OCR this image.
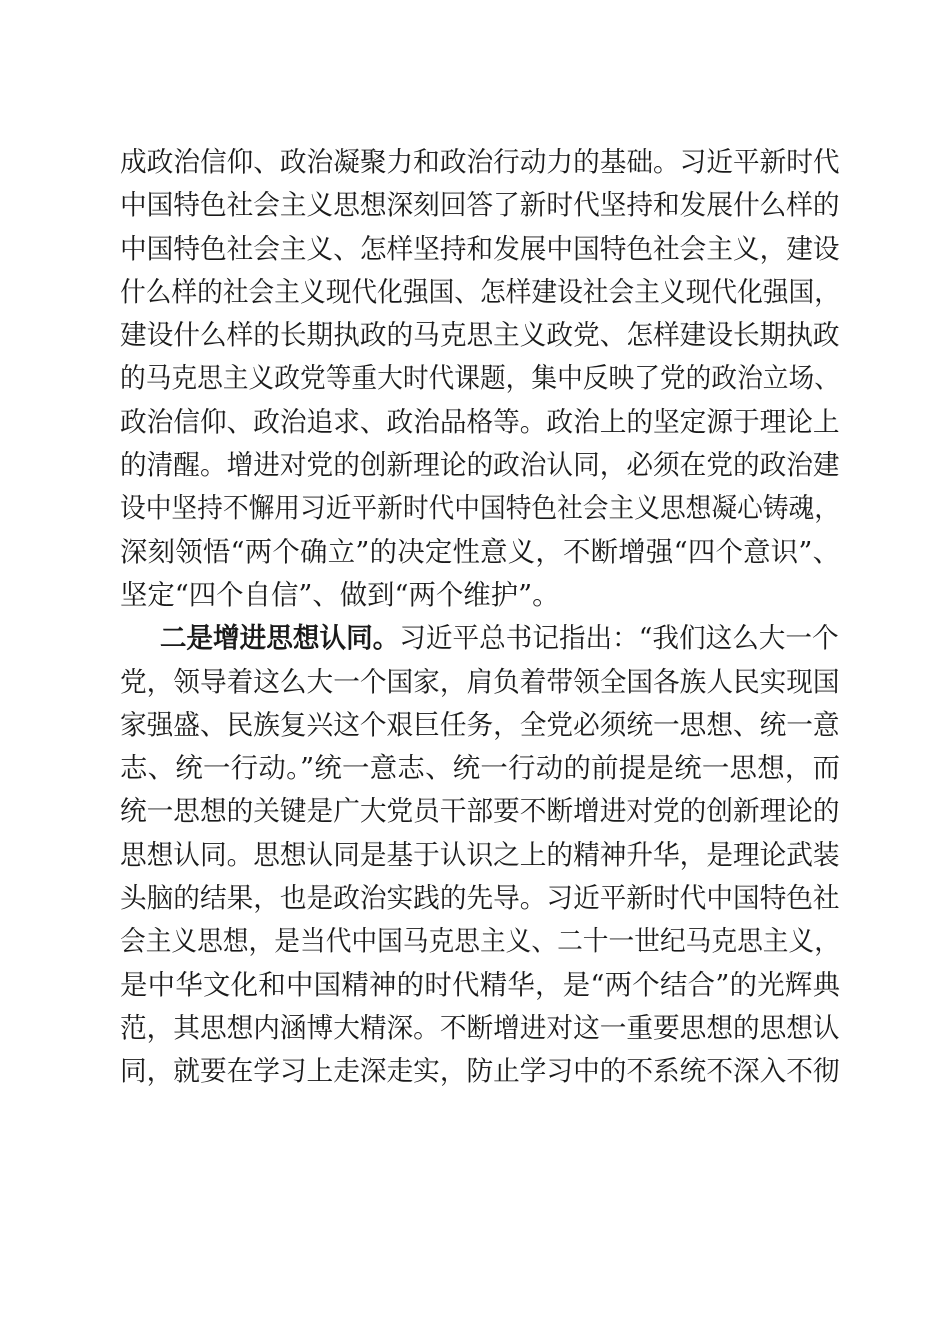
成政治信仰、政治凝聚力和政治行动力的基础。习近平新时代
中国特色社会主义思想深刻回答了新时代坚持和发展什么样的
中国特色社会主义、怎样坚持和发展中国特色社会主义，建设
什么样的社会主义现代化强国、怎样建设社会主义现代化强国，
建设什么样的长期执政的马克思主义政党、怎样建设长期执政
的马克思主义政党等重大时代课题，集中反映了党的政治立场、
政治信仰、政治追求、政治品格等。政治上的坚定源于理论上
的清醒。增进对党的创新理论的政治认同，必须在党的政治建
设中坚持不懈用习近平新时代中国特色社会主义思想凝心铸魂，
深刻领悟“两个确立”的决定性意义，不断增强“四个意识”、
坚定“四个自信”、做到“两个维护”。
二是增进思想认同。习近平总书记指出：“我们这么大一个
党，领导着这么大一个国家，肩负着带领全国各族人民实现国
家强盛、民族复兴这个艰巨任务，全党必须统一思想、统一意
志、统一行动。”统一意志、统一行动的前提是统一思想，而
统一思想的关键是广大党员干部要不断增进对党的创新理论的
思想认同。思想认同是基于认识之上的精神升华，是理论武装
头脑的结果，也是政治实践的先导。习近平新时代中国特色社
会主义思想，是当代中国马克思主义、二十一世纪马克思主义，
是中华文化和中国精神的时代精华，是“两个结合”的光辉典
范，其思想内涵博大精深。不断增进对这一重要思想的思想认
同，就要在学习上走深走实，防止学习中的不系统不深入不彻
